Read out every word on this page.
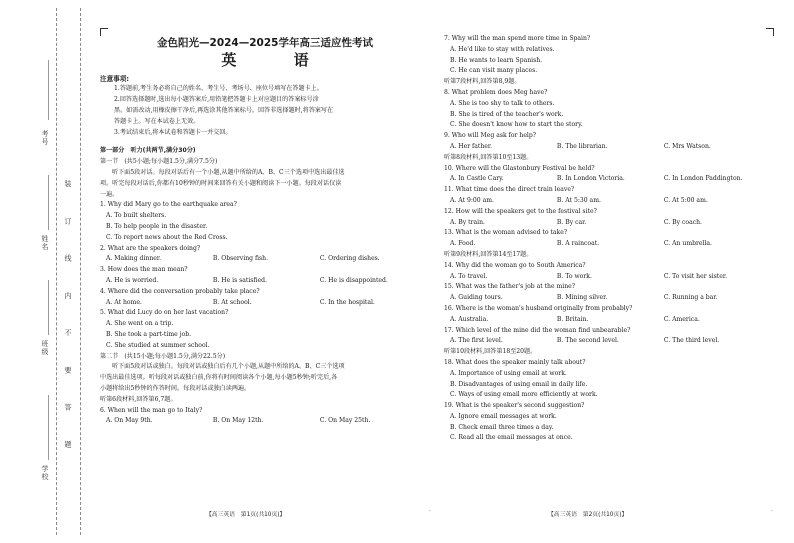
考号
姓名
班级
学校
装 订 线 内 不 要 答 题
金色阳光—2024—2025学年高三适应性考试
英 语
注意事项:
1.答题前,考生务必将自己的姓名、考生号、考场号、座位号填写在答题卡上。
2.回答选择题时,选出每小题答案后,用铅笔把答题卡上对应题目的答案标号涂
黑。如需改动,用橡皮擦干净后,再选涂其他答案标号。回答非选择题时,将答案写在
答题卡上。写在本试卷上无效。
3.考试结束后,将本试卷和答题卡一并交回。
第一部分　听力(共两节,满分30分)
第一节　(共5小题;每小题1.5分,满分7.5分)
听下面5段对话。每段对话后有一个小题,从题中所给的A、B、C三个选项中选出最佳选
项。听完每段对话后,你都有10秒钟的时间来回答有关小题和阅读下一小题。每段对话仅读
一遍。
1. Why did Mary go to the earthquake area?
A. To built shelters.
B. To help people in the disaster.
C. To report news about the Red Cross.
2. What are the speakers doing?
A. Making dinner.	B. Observing fish.	C. Ordering dishes.
3. How does the man mean?
A. He is worried.	B. He is satisfied.	C. He is disappointed.
4. Where did the conversation probably take place?
A. At home.	B. At school.	C. In the hospital.
5. What did Lucy do on her last vacation?
A. She went on a trip.
B. She took a part-time job.
C. She studied at summer school.
第二节　(共15小题;每小题1.5分,满分22.5分)
听下面5段对话或独白。每段对话或独白后有几个小题,从题中所给的A、B、C三个选项
中选出最佳选项。听每段对话或独白前,你将有时间阅读各个小题,每小题5秒钟;听完后,各
小题将给出5秒钟的作答时间。每段对话或独白读两遍。
听第6段材料,回答第6,7题。
6. When will the man go to Italy?
A. On May 9th.	B. On May 12th.	C. On May 25th.
7. Why will the man spend more time in Spain?
A. He'd like to stay with relatives.
B. He wants to learn Spanish.
C. He can visit many places.
听第7段材料,回答第8,9题。
8. What problem does Meg have?
A. She is too shy to talk to others.
B. She is tired of the teacher's work.
C. She doesn't know how to start the story.
9. Who will Meg ask for help?
A. Her father.	B. The librarian.	C. Mrs Watson.
听第8段材料,回答第10至13题。
10. Where will the Glastonbury Festival be held?
A. In Castle Cary.	B. In London Victoria.	C. In London Paddington.
11. What time does the direct train leave?
A. At 9:00 am.	B. At 5:30 am.	C. At 5:00 am.
12. How will the speakers get to the festival site?
A. By train.	B. By car.	C. By coach.
13. What is the woman advised to take?
A. Food.	B. A raincoat.	C. An umbrella.
听第9段材料,回答第14至17题。
14. Why did the woman go to South America?
A. To travel.	B. To work.	C. To visit her sister.
15. What was the father's job at the mine?
A. Guiding tours.	B. Mining silver.	C. Running a bar.
16. Where is the woman's husband originally from probably?
A. Australia.	B. Britain.	C. America.
17. Which level of the mine did the woman find unbearable?
A. The first level.	B. The second level.	C. The third level.
听第10段材料,回答第18至20题。
18. What does the speaker mainly talk about?
A. Importance of using email at work.
B. Disadvantages of using email in daily life.
C. Ways of using email more efficiently at work.
19. What is the speaker's second suggestion?
A. Ignore email messages at work.
B. Check email three times a day.
C. Read all the email messages at once.
【高三英语　第1页(共10页)】	【高三英语　第2页(共10页)】
·	·
